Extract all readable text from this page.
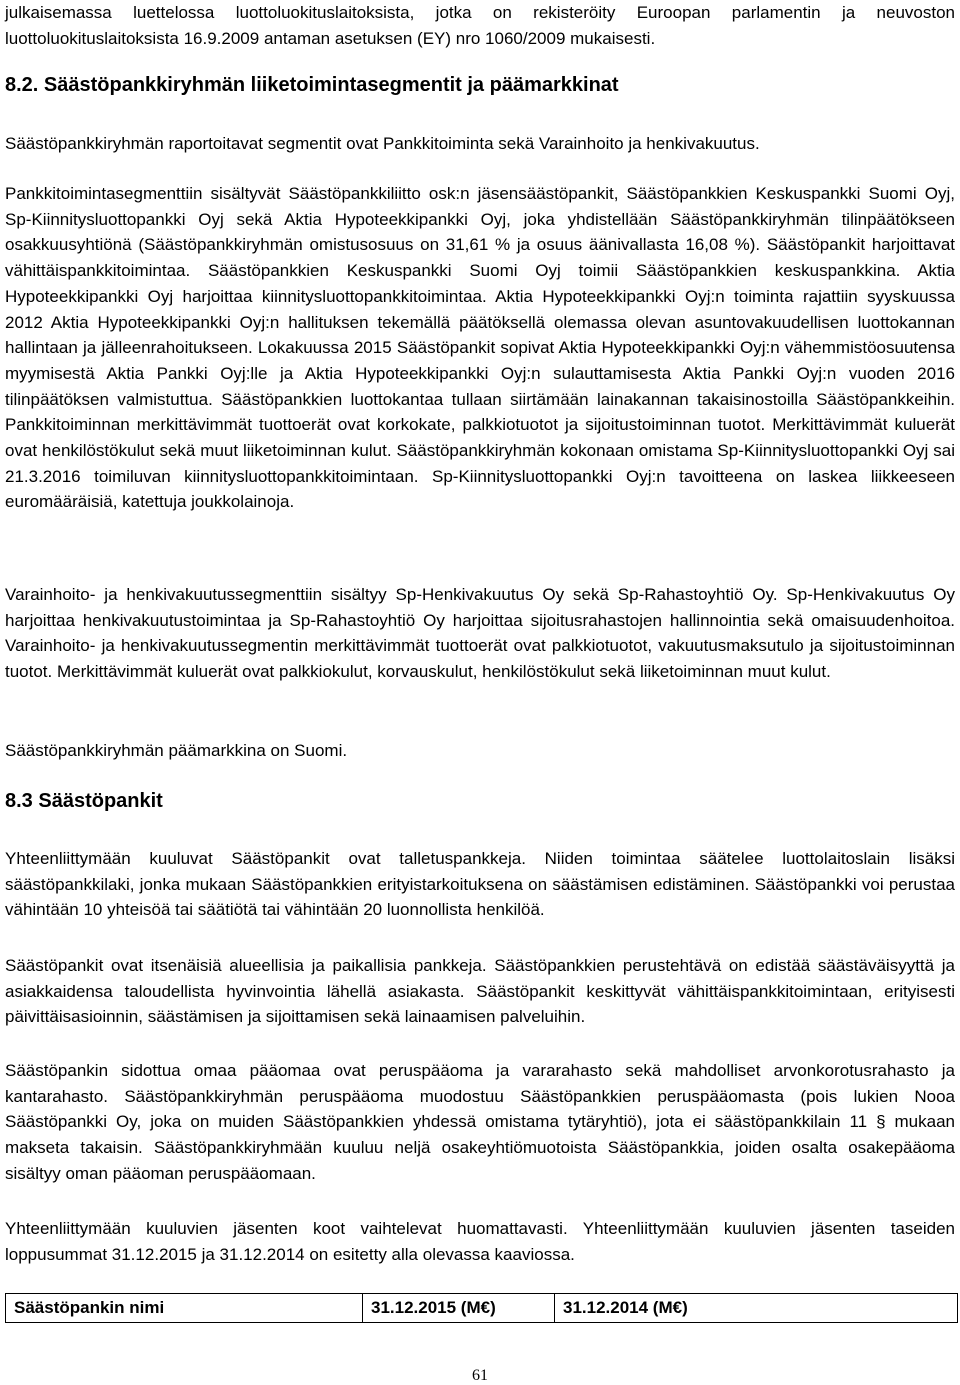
julkaisemassa luettelossa luottoluokituslaitoksista, jotka on rekisteröity Euroopan parlamentin ja neuvoston luottoluokituslaitoksista 16.9.2009 antaman asetuksen (EY) nro 1060/2009 mukaisesti.

8.2. Säästöpankkiryhmän liiketoimintasegmentit ja päämarkkinat

Säästöpankkiryhmän raportoitavat segmentit ovat Pankkitoiminta sekä Varainhoito ja henkivakuutus.

Pankkitoimintasegmenttiin sisältyvät Säästöpankkiliitto osk:n jäsensäästöpankit, Säästöpankkien Keskuspankki Suomi Oyj, Sp-Kiinnitysluottopankki Oyj sekä Aktia Hypoteekkipankki Oyj, joka yhdistellään Säästöpankkiryhmän tilinpäätökseen osakkuusyhtiönä (Säästöpankkiryhmän omistusosuus on 31,61 % ja osuus äänivallasta 16,08 %). Säästöpankit harjoittavat vähittäispankkitoimintaa. Säästöpankkien Keskuspankki Suomi Oyj toimii Säästöpankkien keskuspankkina. Aktia Hypoteekkipankki Oyj harjoittaa kiinnitysluottopankkitoimintaa. Aktia Hypoteekkipankki Oyj:n toiminta rajattiin syyskuussa 2012 Aktia Hypoteekkipankki Oyj:n hallituksen tekemällä päätöksellä olemassa olevan asuntovakuudellisen luottokannan hallintaan ja jälleenrahoitukseen. Lokakuussa 2015 Säästöpankit sopivat Aktia Hypoteekkipankki Oyj:n vähemmistöosuutensa myymisestä Aktia Pankki Oyj:lle ja Aktia Hypoteekkipankki Oyj:n sulauttamisesta Aktia Pankki Oyj:n vuoden 2016 tilinpäätöksen valmistuttua. Säästöpankkien luottokantaa tullaan siirtämään lainakannan takaisinostoilla Säästöpankkeihin. Pankkitoiminnan merkittävimmät tuottoerät ovat korkokate, palkkiotuotot ja sijoitustoiminnan tuotot. Merkittävimmät kuluerät ovat henkilöstökulut sekä muut liiketoiminnan kulut. Säästöpankkiryhmän kokonaan omistama Sp-Kiinnitysluottopankki Oyj sai 21.3.2016 toimiluvan kiinnitysluottopankkitoimintaan. Sp-Kiinnitysluottopankki Oyj:n tavoitteena on laskea liikkeeseen euromääräisiä, katettuja joukkolainoja.

Varainhoito- ja henkivakuutussegmenttiin sisältyy Sp-Henkivakuutus Oy sekä Sp-Rahastoyhtiö Oy. Sp-Henkivakuutus Oy harjoittaa henkivakuutustoimintaa ja Sp-Rahastoyhtiö Oy harjoittaa sijoitusrahastojen hallinnointia sekä omaisuudenhoitoa. Varainhoito- ja henkivakuutussegmentin merkittävimmät tuottoerät ovat palkkiotuotot, vakuutusmaksutulo ja sijoitustoiminnan tuotot. Merkittävimmät kuluerät ovat palkkiokulut, korvauskulut, henkilöstökulut sekä liiketoiminnan muut kulut.

Säästöpankkiryhmän päämarkkina on Suomi.

8.3 Säästöpankit

Yhteenliittymään kuuluvat Säästöpankit ovat talletuspankkeja. Niiden toimintaa säätelee luottolaitoslain lisäksi säästöpankkilaki, jonka mukaan Säästöpankkien erityistarkoituksena on säästämisen edistäminen. Säästöpankki voi perustaa vähintään 10 yhteisöä tai säätiötä tai vähintään 20 luonnollista henkilöä.

Säästöpankit ovat itsenäisiä alueellisia ja paikallisia pankkeja. Säästöpankkien perustehtävä on edistää säästäväisyyttä ja asiakkaidensa taloudellista hyvinvointia lähellä asiakasta. Säästöpankit keskittyvät vähittäispankkitoimintaan, erityisesti päivittäisasioinnin, säästämisen ja sijoittamisen sekä lainaamisen palveluihin.

Säästöpankin sidottua omaa pääomaa ovat peruspääoma ja vararahasto sekä mahdolliset arvonkorotusrahasto ja kantarahasto. Säästöpankkiryhmän peruspääoma muodostuu Säästöpankkien peruspääomasta (pois lukien Nooa Säästöpankki Oy, joka on muiden Säästöpankkien yhdessä omistama tytäryhtiö), jota ei säästöpankkilain 11 § mukaan makseta takaisin. Säästöpankkiryhmään kuuluu neljä osakeyhtiömuotoista Säästöpankkia, joiden osalta osakepääoma sisältyy oman pääoman peruspääomaan.

Yhteenliittymään kuuluvien jäsenten koot vaihtelevat huomattavasti. Yhteenliittymään kuuluvien jäsenten taseiden loppusummat 31.12.2015 ja 31.12.2014 on esitetty alla olevassa kaaviossa.

Säästöpankin nimi	31.12.2015 (M€)	31.12.2014 (M€)
61
